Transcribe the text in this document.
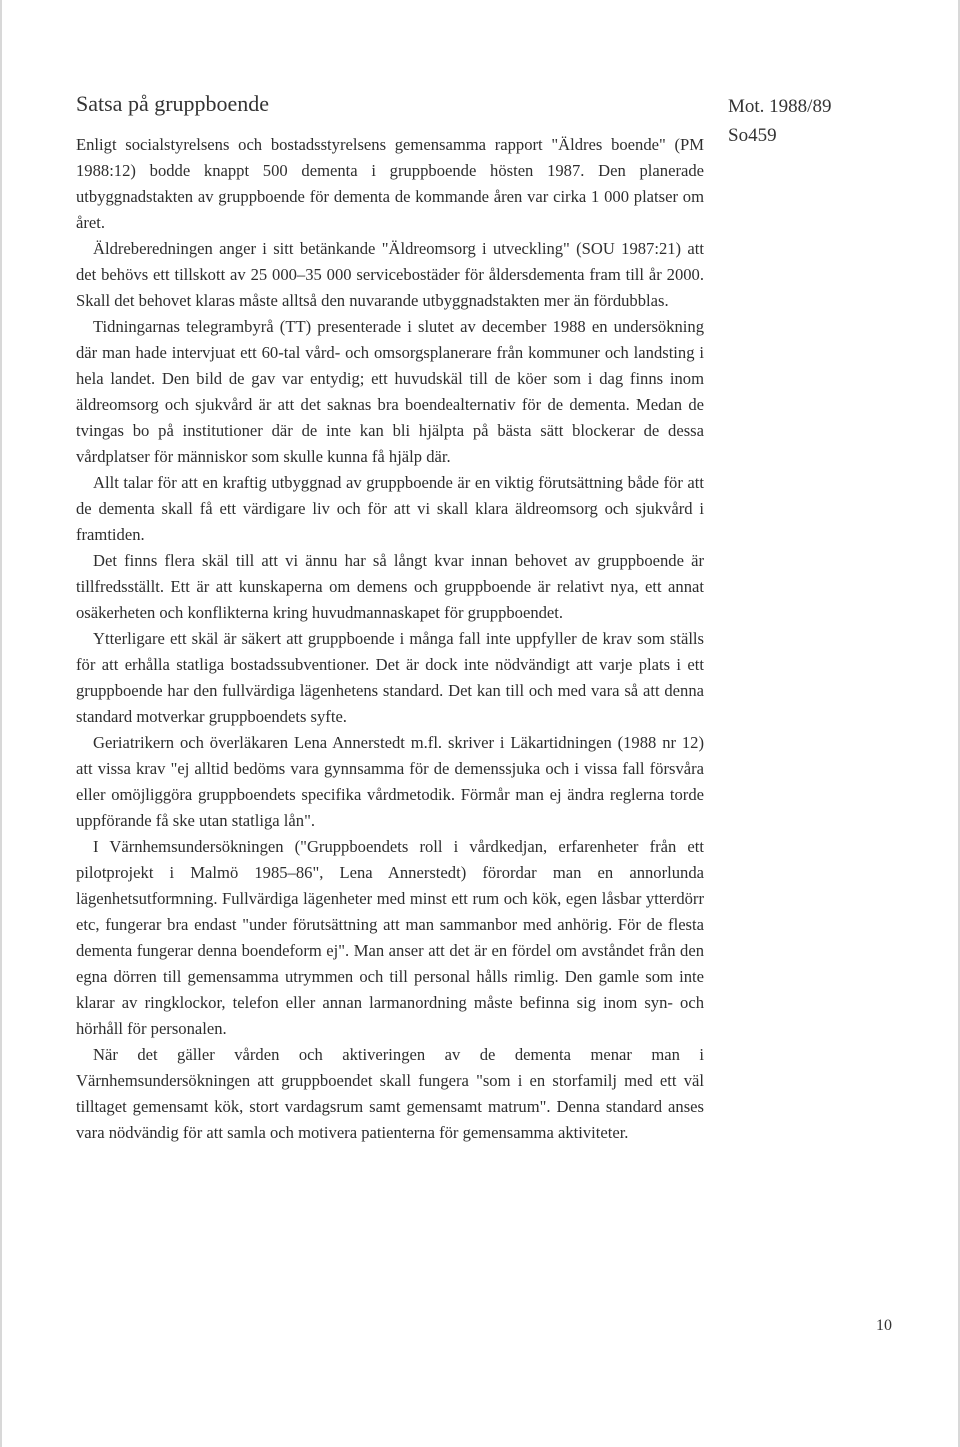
Satsa på gruppboende	Mot. 1988/89
So459

Enligt socialstyrelsens och bostadsstyrelsens gemensamma rapport "Äldres boende" (PM 1988:12) bodde knappt 500 dementa i gruppboende hösten 1987. Den planerade utbyggnadstakten av gruppboende för dementa de kommande åren var cirka 1 000 platser om året.

Äldreberedningen anger i sitt betänkande "Äldreomsorg i utveckling" (SOU 1987:21) att det behövs ett tillskott av 25 000–35 000 servicebostäder för åldersdementa fram till år 2000. Skall det behovet klaras måste alltså den nuvarande utbyggnadstakten mer än fördubblas.

Tidningarnas telegrambyrå (TT) presenterade i slutet av december 1988 en undersökning där man hade intervjuat ett 60-tal vård- och omsorgsplanerare från kommuner och landsting i hela landet. Den bild de gav var entydig; ett huvudskäl till de köer som i dag finns inom äldreomsorg och sjukvård är att det saknas bra boendealternativ för de dementa. Medan de tvingas bo på institutioner där de inte kan bli hjälpta på bästa sätt blockerar de dessa vårdplatser för människor som skulle kunna få hjälp där.

Allt talar för att en kraftig utbyggnad av gruppboende är en viktig förutsättning både för att de dementa skall få ett värdigare liv och för att vi skall klara äldreomsorg och sjukvård i framtiden.

Det finns flera skäl till att vi ännu har så långt kvar innan behovet av gruppboende är tillfredsställt. Ett är att kunskaperna om demens och gruppboende är relativt nya, ett annat osäkerheten och konflikterna kring huvudmannaskapet för gruppboendet.

Ytterligare ett skäl är säkert att gruppboende i många fall inte uppfyller de krav som ställs för att erhålla statliga bostadssubventioner. Det är dock inte nödvändigt att varje plats i ett gruppboende har den fullvärdiga lägenhetens standard. Det kan till och med vara så att denna standard motverkar gruppboendets syfte.

Geriatrikern och överläkaren Lena Annerstedt m.fl. skriver i Läkartidningen (1988 nr 12) att vissa krav "ej alltid bedöms vara gynnsamma för de demenssjuka och i vissa fall försvåra eller omöjliggöra gruppboendets specifika vårdmetodik. Förmår man ej ändra reglerna torde uppförande få ske utan statliga lån".

I Värnhemsundersökningen ("Gruppboendets roll i vårdkedjan, erfarenheter från ett pilotprojekt i Malmö 1985–86", Lena Annerstedt) förordar man en annorlunda lägenhetsutformning. Fullvärdiga lägenheter med minst ett rum och kök, egen låsbar ytterdörr etc, fungerar bra endast "under förutsättning att man sammanbor med anhörig. För de flesta dementa fungerar denna boendeform ej". Man anser att det är en fördel om avståndet från den egna dörren till gemensamma utrymmen och till personal hålls rimlig. Den gamle som inte klarar av ringklockor, telefon eller annan larmanordning måste befinna sig inom syn- och hörhåll för personalen.

När det gäller vården och aktiveringen av de dementa menar man i Värnhemsundersökningen att gruppboendet skall fungera "som i en storfamilj med ett väl tilltaget gemensamt kök, stort vardagsrum samt gemensamt matrum". Denna standard anses vara nödvändig för att samla och motivera patienterna för gemensamma aktiviteter.

10
